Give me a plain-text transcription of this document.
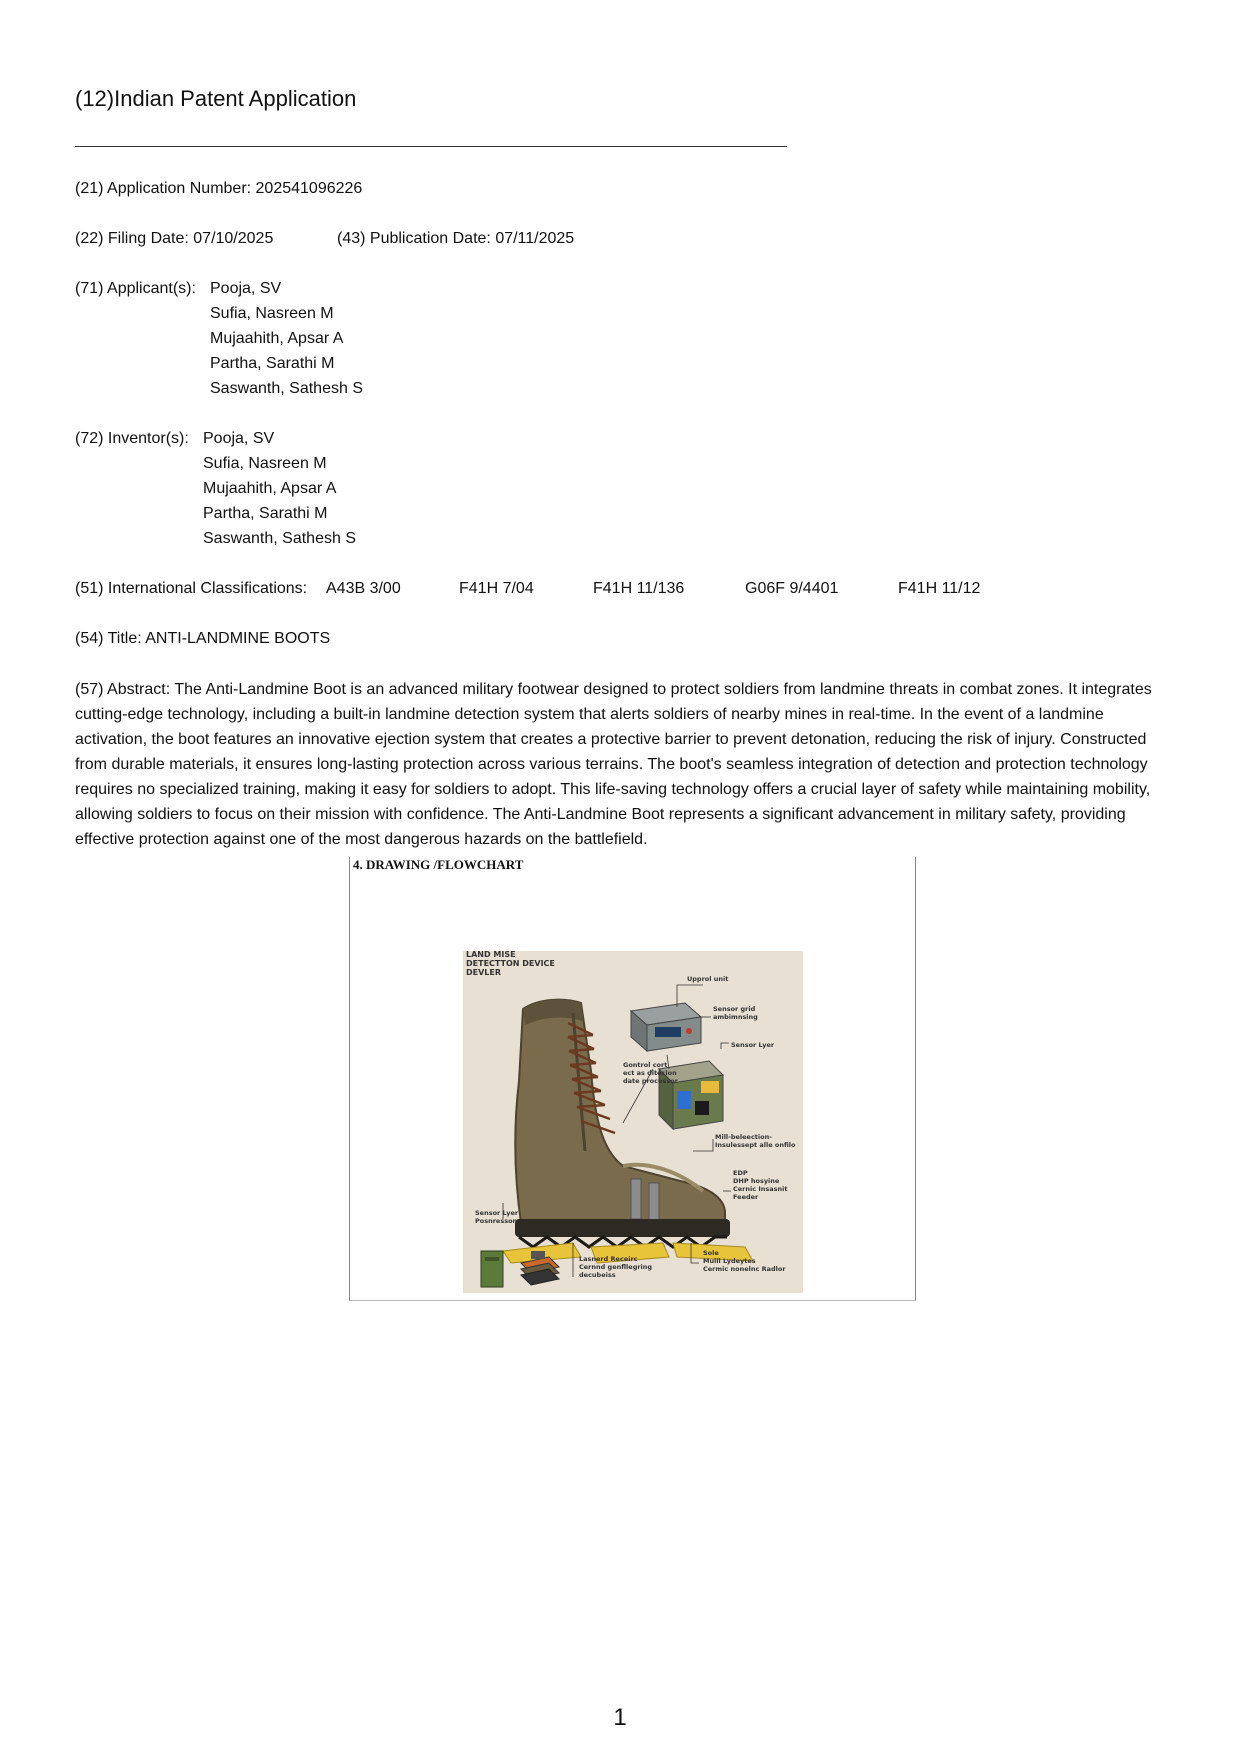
(12)Indian Patent Application
(21) Application Number: 202541096226
(22) Filing Date: 07/10/2025	(43) Publication Date: 07/11/2025
(71) Applicant(s): Pooja, SV
Sufia, Nasreen M
Mujaahith, Apsar A
Partha, Sarathi M
Saswanth, Sathesh S
(72) Inventor(s): Pooja, SV
Sufia, Nasreen M
Mujaahith, Apsar A
Partha, Sarathi M
Saswanth, Sathesh S
(51) International Classifications: A43B 3/00	F41H 7/04	F41H 11/136	G06F 9/4401	F41H 11/12
(54) Title: ANTI-LANDMINE BOOTS
(57) Abstract: The Anti-Landmine Boot is an advanced military footwear designed to protect soldiers from landmine threats in combat zones. It integrates cutting-edge technology, including a built-in landmine detection system that alerts soldiers of nearby mines in real-time. In the event of a landmine activation, the boot features an innovative ejection system that creates a protective barrier to prevent detonation, reducing the risk of injury. Constructed from durable materials, it ensures long-lasting protection across various terrains. The boot's seamless integration of detection and protection technology requires no specialized training, making it easy for soldiers to adopt. This life-saving technology offers a crucial layer of safety while maintaining mobility, allowing soldiers to focus on their mission with confidence. The Anti-Landmine Boot represents a significant advancement in military safety, providing effective protection against one of the most dangerous hazards on the battlefield.
4. DRAWING /FLOWCHART
LAND MISE
DETECTTON DEVICE
DEVLER
Upprol unit
Sensor grid
ambimnsing
Sensor Lyer
Gontrol cort
ect as diteclon
date processor
Mill-beleection-
Insulessept alle onfilo
EDP
DHP hosyine
Cernic Insasnit
Feeder
Sensor Lyer
Posnresson
Lasnerd Receirc
Cernnd genfllegring
decubeiss
Sole
Mulll Lydeytes
Cermic nonelnc Radlor
1
